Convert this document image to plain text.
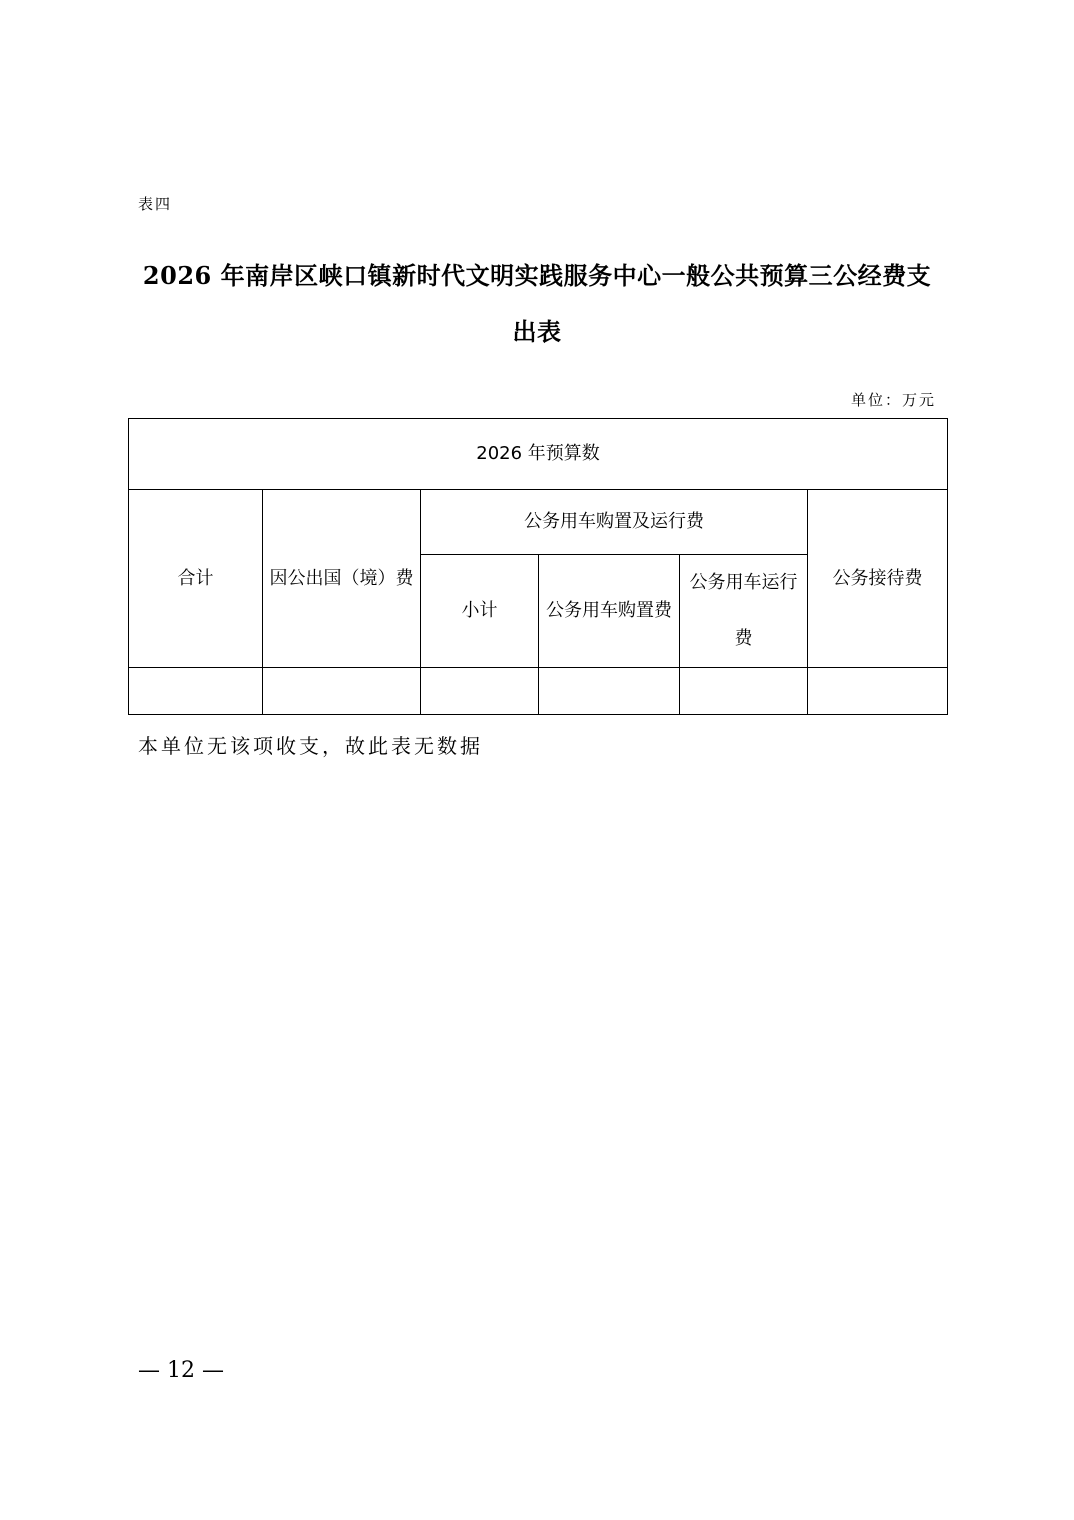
表四
2026 年南岸区峡口镇新时代文明实践服务中心一般公共预算三公经费支
出表
单位：万元
2026 年预算数					
合计	因公出国（境）费	公务用车购置及运行费			公务接待费
		小计	公务用车购置费	公务用车运行费	

本单位无该项收支，故此表无数据
— 12 —
